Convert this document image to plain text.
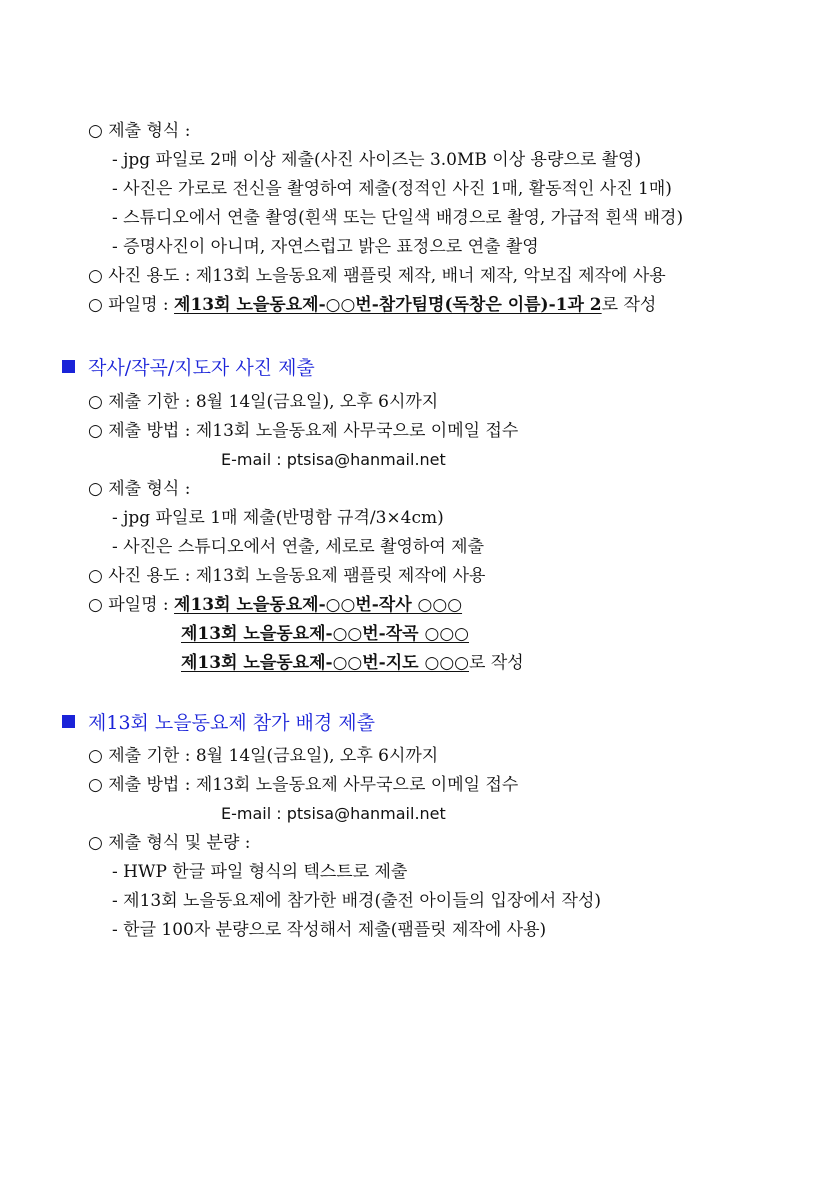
○ 제출 형식 :
- jpg 파일로 2매 이상 제출(사진 사이즈는 3.0MB 이상 용량으로 촬영)
- 사진은 가로로 전신을 촬영하여 제출(정적인 사진 1매, 활동적인 사진 1매)
- 스튜디오에서 연출 촬영(흰색 또는 단일색 배경으로 촬영, 가급적 흰색 배경)
- 증명사진이 아니며, 자연스럽고 밝은 표정으로 연출 촬영
○ 사진 용도 : 제13회 노을동요제 팸플릿 제작, 배너 제작, 악보집 제작에 사용
○ 파일명 : 제13회 노을동요제-○○번-참가팀명(독창은 이름)-1과 2로 작성
작사/작곡/지도자 사진 제출
○ 제출 기한 : 8월 14일(금요일), 오후 6시까지
○ 제출 방법 : 제13회 노을동요제 사무국으로 이메일 접수
E-mail : ptsisa@hanmail.net
○ 제출 형식 :
- jpg 파일로 1매 제출(반명함 규격/3×4cm)
- 사진은 스튜디오에서 연출, 세로로 촬영하여 제출
○ 사진 용도 : 제13회 노을동요제 팸플릿 제작에 사용
○ 파일명 : 제13회 노을동요제-○○번-작사 ○○○
제13회 노을동요제-○○번-작곡 ○○○
제13회 노을동요제-○○번-지도 ○○○로 작성
제13회 노을동요제 참가 배경 제출
○ 제출 기한 : 8월 14일(금요일), 오후 6시까지
○ 제출 방법 : 제13회 노을동요제 사무국으로 이메일 접수
E-mail : ptsisa@hanmail.net
○ 제출 형식 및 분량 :
- HWP 한글 파일 형식의 텍스트로 제출
- 제13회 노을동요제에 참가한 배경(출전 아이들의 입장에서 작성)
- 한글 100자 분량으로 작성해서 제출(팸플릿 제작에 사용)
